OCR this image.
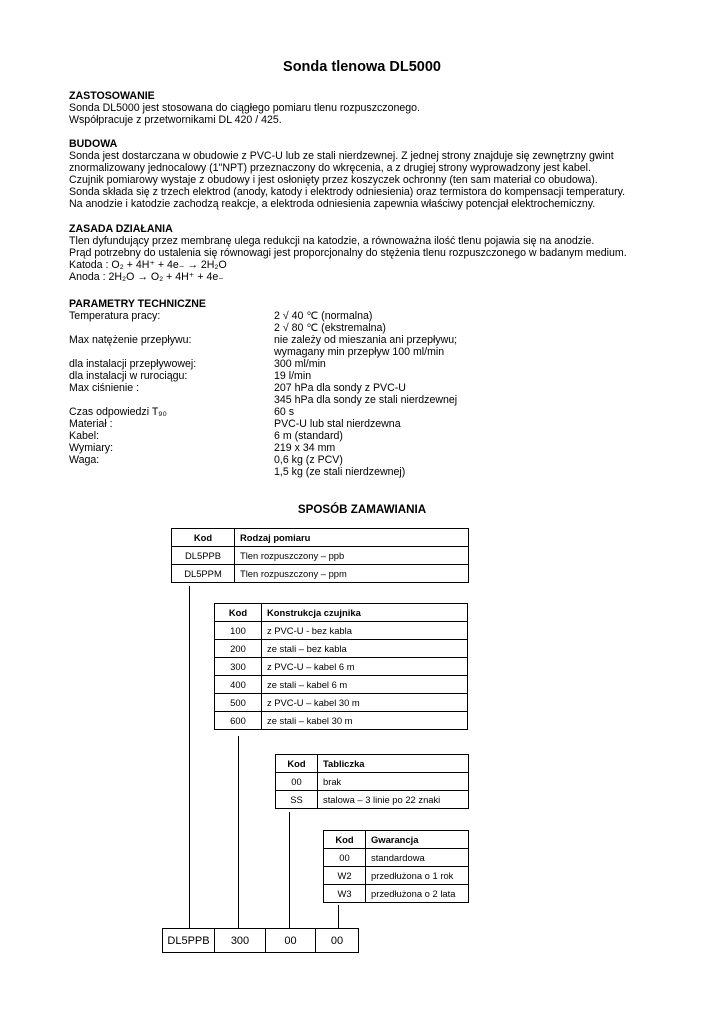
Sonda tlenowa DL5000
ZASTOSOWANIE

Sonda DL5000 jest stosowana do ciągłego pomiaru tlenu rozpuszczonego.

Współpracuje z przetwornikami DL 420 / 425.

BUDOWA

Sonda jest dostarczana w obudowie z PVC-U lub ze stali nierdzewnej. Z jednej strony znajduje się zewnętrzny gwint

znormalizowany jednocalowy (1"NPT) przeznaczony do wkręcenia, a z drugiej strony wyprowadzony jest kabel.

Czujnik pomiarowy wystaje z obudowy i jest osłonięty przez koszyczek ochronny (ten sam materiał co obudowa).

Sonda składa się z trzech elektrod (anody, katody i elektrody odniesienia) oraz termistora do kompensacji temperatury.

Na anodzie i katodzie zachodzą reakcje, a elektroda odniesienia zapewnia właściwy potencjał elektrochemiczny.

ZASADA DZIAŁANIA

Tlen dyfundujący przez membranę ulega redukcji na katodzie, a równoważna ilość tlenu pojawia się na anodzie.

Prąd potrzebny do ustalenia się równowagi jest proporcjonalny do stężenia tlenu rozpuszczonego w badanym medium.

Katoda : O₂ + 4H⁺ + 4e₋ → 2H₂O

Anoda : 2H₂O → O₂ + 4H⁺ + 4e₋

PARAMETRY TECHNICZNE
Temperatura pracy:	2 √ 40 ℃ (normalna)
2 √ 80 ℃ (ekstremalna)
Max natężenie przepływu:	nie zależy od mieszania ani przepływu;
wymagany min przepływ 100 ml/min
dla instalacji przepływowej:	300 ml/min
dla instalacji w rurociągu:	19 l/min
Max ciśnienie :	207 hPa dla sondy z PVC-U
345 hPa dla sondy ze stali nierdzewnej
Czas odpowiedzi T₉₀	60 s
Materiał :	PVC-U lub stal nierdzewna
Kabel:	6 m (standard)
Wymiary:	219 x 34 mm
Waga:	0,6 kg (z PCV)
1,5 kg (ze stali nierdzewnej)
SPOSÓB ZAMAWIANIA
Kod	Rodzaj pomiaru
DL5PPB	Tlen rozpuszczony – ppb
DL5PPM	Tlen rozpuszczony – ppm
Kod	Konstrukcja czujnika
100	z PVC-U - bez kabla
200	ze stali – bez kabla
300	z PVC-U – kabel 6 m
400	ze stali – kabel 6 m
500	z PVC-U – kabel 30 m
600	ze stali – kabel 30 m
Kod	Tabliczka
00	brak
SS	stalowa – 3 linie po 22 znaki
Kod	Gwarancja
00	standardowa
W2	przedłużona o 1 rok
W3	przedłużona o 2 lata
DL5PPB	300	00	00
